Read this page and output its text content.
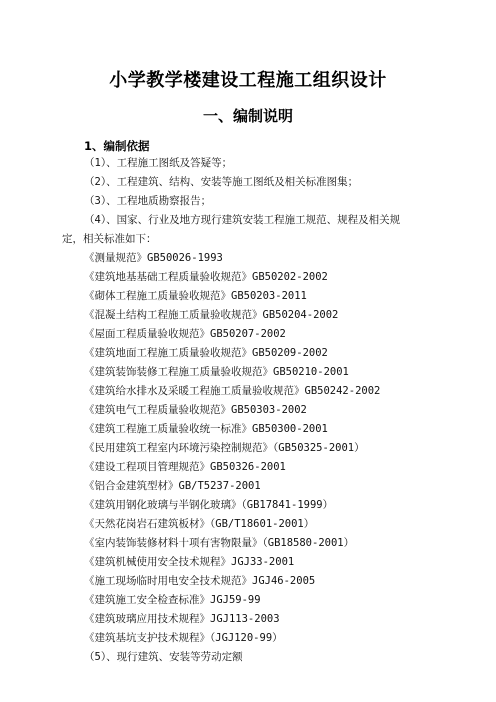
小学教学楼建设工程施工组织设计
一、编制说明
1、编制依据
（1）、工程施工图纸及答疑等；
（2）、工程建筑、结构、安装等施工图纸及相关标准图集；
（3）、工程地质勘察报告；
（4）、国家、行业及地方现行建筑安装工程施工规范、规程及相关规
定，相关标准如下：
《测量规范》GB50026-1993
《建筑地基基础工程质量验收规范》GB50202-2002
《砌体工程施工质量验收规范》GB50203-2011
《混凝土结构工程施工质量验收规范》GB50204-2002
《屋面工程质量验收规范》GB50207-2002
《建筑地面工程施工质量验收规范》GB50209-2002
《建筑装饰装修工程施工质量验收规范》GB50210-2001
《建筑给水排水及采暖工程施工质量验收规范》GB50242-2002
《建筑电气工程质量验收规范》GB50303-2002
《建筑工程施工质量验收统一标准》GB50300-2001
《民用建筑工程室内环境污染控制规范》（GB50325-2001）
《建设工程项目管理规范》GB50326-2001
《铝合金建筑型材》GB/T5237-2001
《建筑用钢化玻璃与半钢化玻璃》（GB17841-1999）
《天然花岗岩石建筑板材》（GB/T18601-2001）
《室内装饰装修材料十项有害物限量》（GB18580-2001）
《建筑机械使用安全技术规程》JGJ33-2001
《施工现场临时用电安全技术规范》JGJ46-2005
《建筑施工安全检查标准》JGJ59-99
《建筑玻璃应用技术规程》JGJ113-2003
《建筑基坑支护技术规程》（JGJ120-99）
（5）、现行建筑、安装等劳动定额
